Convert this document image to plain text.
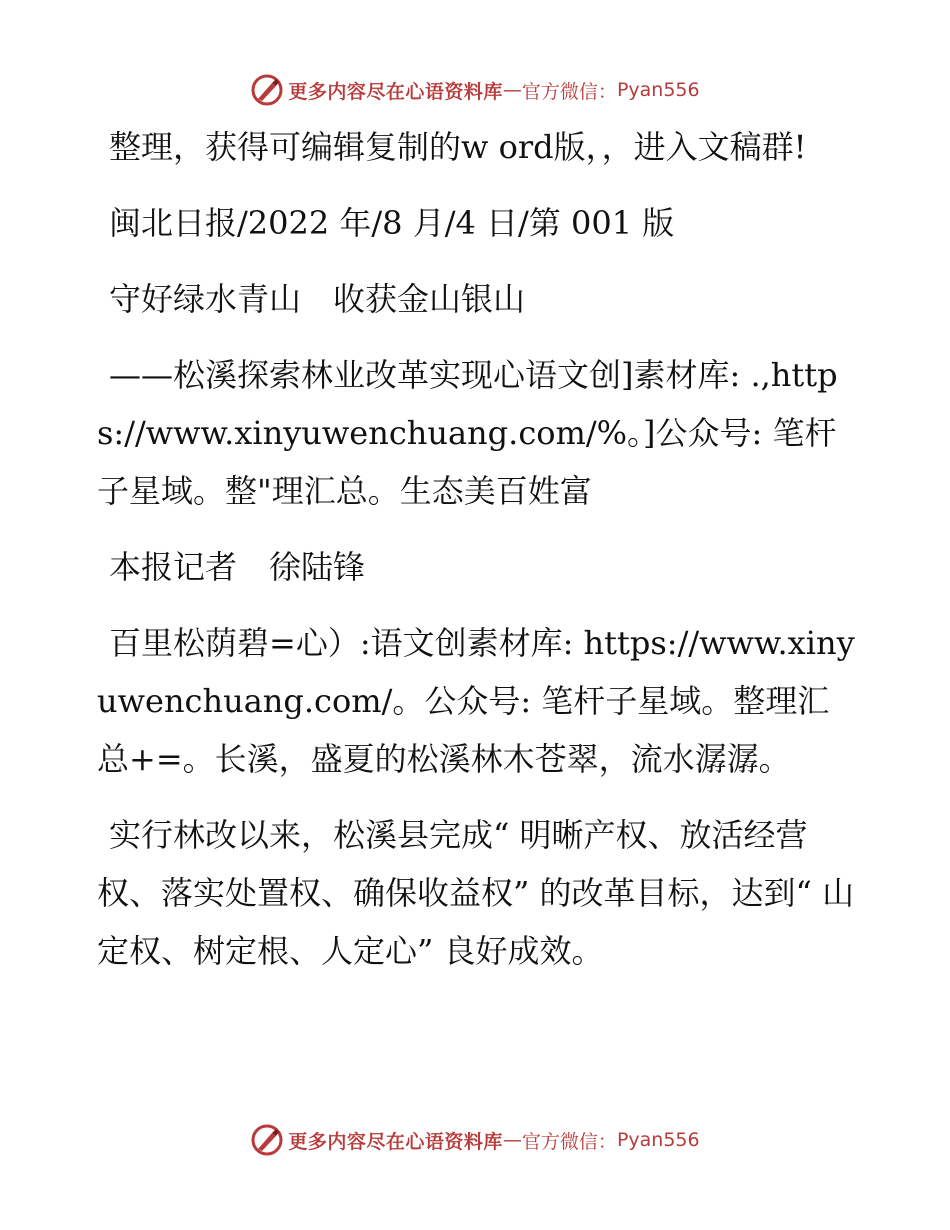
更多内容尽在心语资料库 — 官方微信： Pyan556

整理，获得可编辑复制的w ord版，，进入文稿群!

闽北日报/2022 年/8 月/4 日/第 001 版

守好绿水青山　收获金山银山

——松溪探索林业改革实现心语文创]素材库: .,https://www.xinyuwenchuang.com/%。]公众号: 笔杆子星域。整"理汇总。生态美百姓富

本报记者　徐陆锋

百里松荫碧=心）:语文创素材库: https://www.xinyuwenchuang.com/。公众号: 笔杆子星域。整理汇总+=。长溪，盛夏的松溪林木苍翠，流水潺潺。

实行林改以来，松溪县完成“ 明晰产权、放活经营权、落实处置权、确保收益权” 的改革目标，达到“ 山定权、树定根、人定心” 良好成效。

更多内容尽在心语资料库 — 官方微信： Pyan556
